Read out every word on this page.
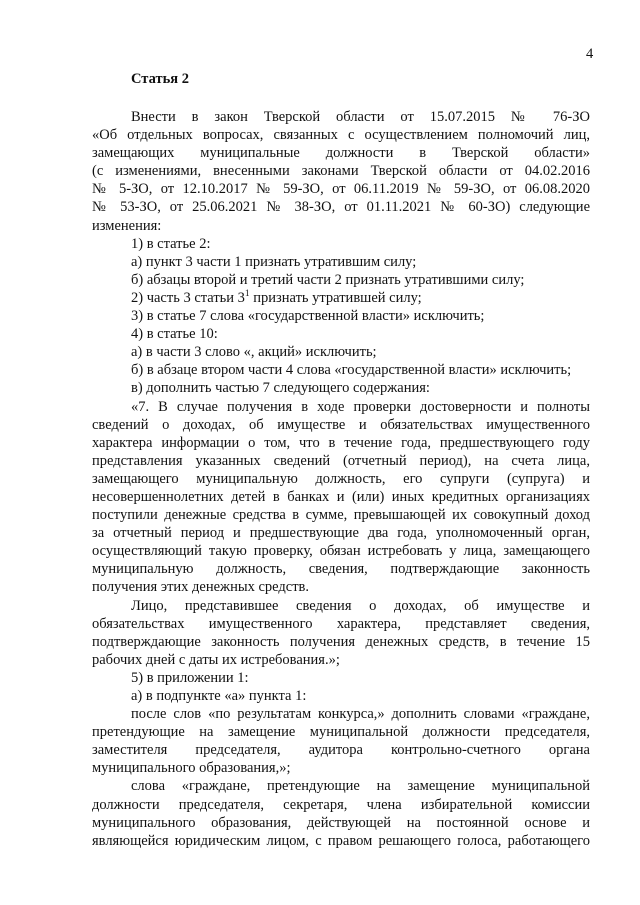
4
Статья 2
Внести в закон Тверской области от 15.07.2015 № 76-ЗО
«Об отдельных вопросах, связанных с осуществлением полномочий лиц,
замещающих муниципальные должности в Тверской области»
(с изменениями, внесенными законами Тверской области от 04.02.2016
№ 5-ЗО, от 12.10.2017 № 59-ЗО, от 06.11.2019 № 59-ЗО, от 06.08.2020
№ 53-ЗО, от 25.06.2021 № 38-ЗО, от 01.11.2021 № 60-ЗО) следующие
изменения:
1) в статье 2:
а) пункт 3 части 1 признать утратившим силу;
б) абзацы второй и третий части 2 признать утратившими силу;
2) часть 3 статьи $3^1$ признать утратившей силу;
3) в статье 7 слова «государственной власти» исключить;
4) в статье 10:
а) в части 3 слово «, акций» исключить;
б) в абзаце втором части 4 слова «государственной власти» исключить;
в) дополнить частью 7 следующего содержания:
«7. В случае получения в ходе проверки достоверности и полноты
сведений о доходах, об имуществе и обязательствах имущественного
характера информации о том, что в течение года, предшествующего году
представления указанных сведений (отчетный период), на счета лица,
замещающего муниципальную должность, его супруги (супруга) и
несовершеннолетних детей в банках и (или) иных кредитных организациях
поступили денежные средства в сумме, превышающей их совокупный доход
за отчетный период и предшествующие два года, уполномоченный орган,
осуществляющий такую проверку, обязан истребовать у лица, замещающего
муниципальную должность, сведения, подтверждающие законность
получения этих денежных средств.
Лицо, представившее сведения о доходах, об имуществе и
обязательствах имущественного характера, представляет сведения,
подтверждающие законность получения денежных средств, в течение 15
рабочих дней с даты их истребования.»;
5) в приложении 1:
а) в подпункте «а» пункта 1:
после слов «по результатам конкурса,» дополнить словами «граждане,
претендующие на замещение муниципальной должности председателя,
заместителя председателя, аудитора контрольно-счетного органа
муниципального образования,»;
слова «граждане, претендующие на замещение муниципальной
должности председателя, секретаря, члена избирательной комиссии
муниципального образования, действующей на постоянной основе и
являющейся юридическим лицом, с правом решающего голоса, работающего
